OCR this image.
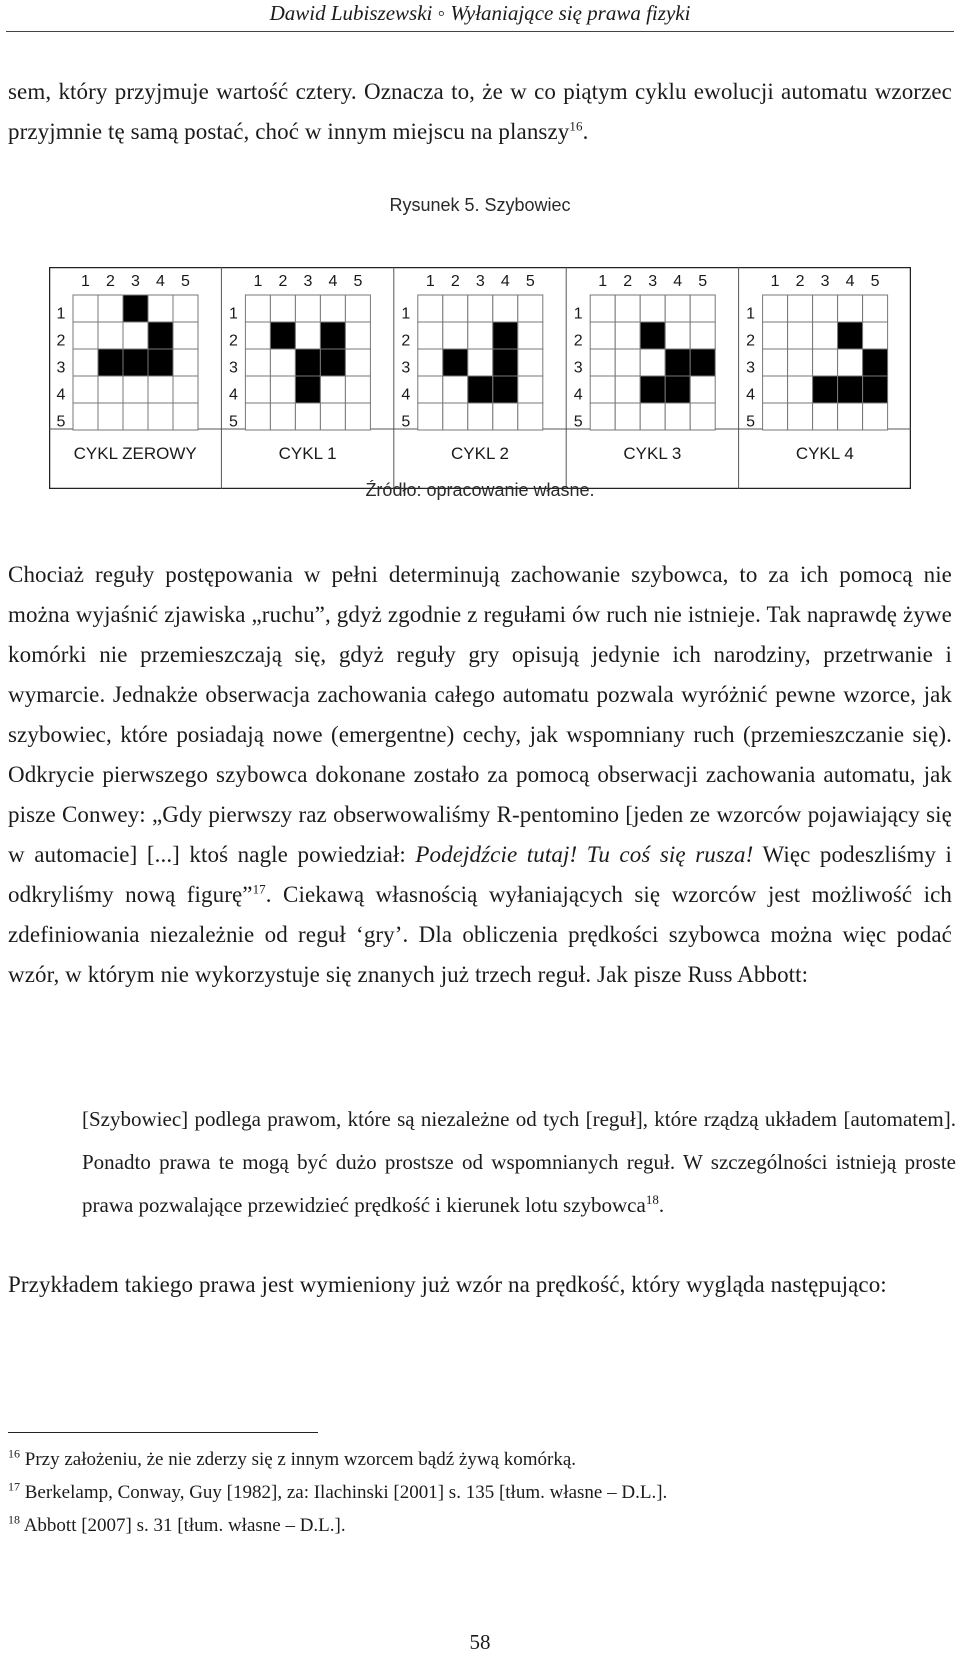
Dawid Lubiszewski ◦ Wyłaniające się prawa fizyki

sem, który przyjmuje wartość cztery. Oznacza to, że w co piątym cyklu ewolucji automatu wzorzec przyjmnie tę samą postać, choć w innym miejscu na planszy$^{16}$.

Rysunek 5. Szybowiec
1 2 3 4 5
1
2
3
4
5
CYKL ZEROWY
1 2 3 4 5
1
2
3
4
5
CYKL 1
1 2 3 4 5
1
2
3
4
5
CYKL 2
1 2 3 4 5
1
2
3
4
5
CYKL 3
1 2 3 4 5
1
2
3
4
5
CYKL 4
Źródło: opracowanie własne.

Chociaż reguły postępowania w pełni determinują zachowanie szybowca, to za ich pomocą nie można wyjaśnić zjawiska „ruchu”, gdyż zgodnie z regułami ów ruch nie istnieje. Tak naprawdę żywe komórki nie przemieszczają się, gdyż reguły gry opisują jedynie ich narodziny, przetrwanie i wymarcie. Jednakże obserwacja zachowania całego automatu pozwala wyróżnić pewne wzorce, jak szybowiec, które posiadają nowe (emergentne) cechy, jak wspomniany ruch (przemieszczanie się). Odkrycie pierwszego szybowca dokonane zostało za pomocą obserwacji zachowania automatu, jak pisze Conwey: „Gdy pierwszy raz obserwowaliśmy R-pentomino [jeden ze wzorców pojawiający się w automacie] [...] ktoś nagle powiedział: Podejdźcie tutaj! Tu coś się rusza! Więc podeszliśmy i odkryliśmy nową figurę”$^{17}$. Ciekawą własnością wyłaniających się wzorców jest możliwość ich zdefiniowania niezależnie od reguł ‘gry’. Dla obliczenia prędkości szybowca można więc podać wzór, w którym nie wykorzystuje się znanych już trzech reguł. Jak pisze Russ Abbott:

[Szybowiec] podlega prawom, które są niezależne od tych [reguł], które rządzą układem [automatem]. Ponadto prawa te mogą być dużo prostsze od wspomnianych reguł. W szczególności istnieją proste prawa pozwalające przewidzieć prędkość i kierunek lotu szybowca$^{18}$.

Przykładem takiego prawa jest wymieniony już wzór na prędkość, który wygląda następująco:

$^{16}$ Przy założeniu, że nie zderzy się z innym wzorcem bądź żywą komórką.

$^{17}$ Berkelamp, Conway, Guy [1982], za: Ilachinski [2001] s. 135 [tłum. własne – D.L.].

$^{18}$ Abbott [2007] s. 31 [tłum. własne – D.L.].

58
